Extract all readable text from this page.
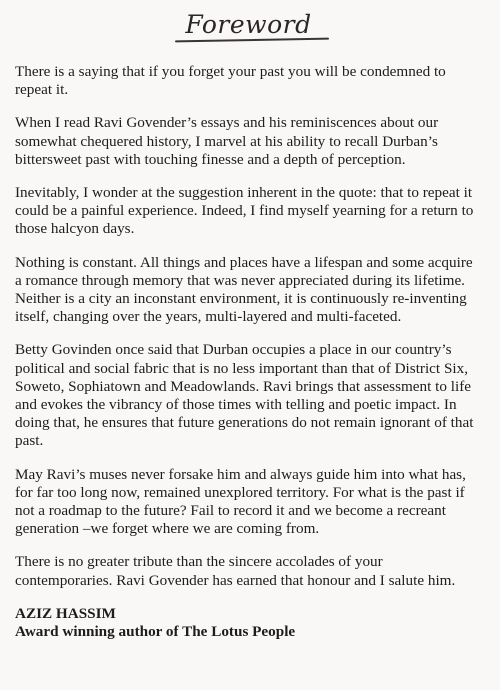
Foreword

There is a saying that if you forget your past you will be condemned to repeat it.

When I read Ravi Govender’s essays and his reminiscences about our somewhat chequered history, I marvel at his ability to recall Durban’s bittersweet past with touching finesse and a depth of perception.

Inevitably, I wonder at the suggestion inherent in the quote: that to repeat it could be a painful experience. Indeed, I find myself yearning for a return to those halcyon days.

Nothing is constant. All things and places have a lifespan and some acquire a romance through memory that was never appreciated during its lifetime. Neither is a city an inconstant environment, it is continuously re-inventing itself, changing over the years, multi-layered and multi-faceted.

Betty Govinden once said that Durban occupies a place in our country’s political and social fabric that is no less important than that of District Six, Soweto, Sophiatown and Meadowlands. Ravi brings that assessment to life and evokes the vibrancy of those times with telling and poetic impact. In doing that, he ensures that future generations do not remain ignorant of that past.

May Ravi’s muses never forsake him and always guide him into what has, for far too long now, remained unexplored territory. For what is the past if not a roadmap to the future? Fail to record it and we become a recreant generation –we forget where we are coming from.

There is no greater tribute than the sincere accolades of your contemporaries. Ravi Govender has earned that honour and I salute him.

AZIZ HASSIM
Award winning author of The Lotus People
